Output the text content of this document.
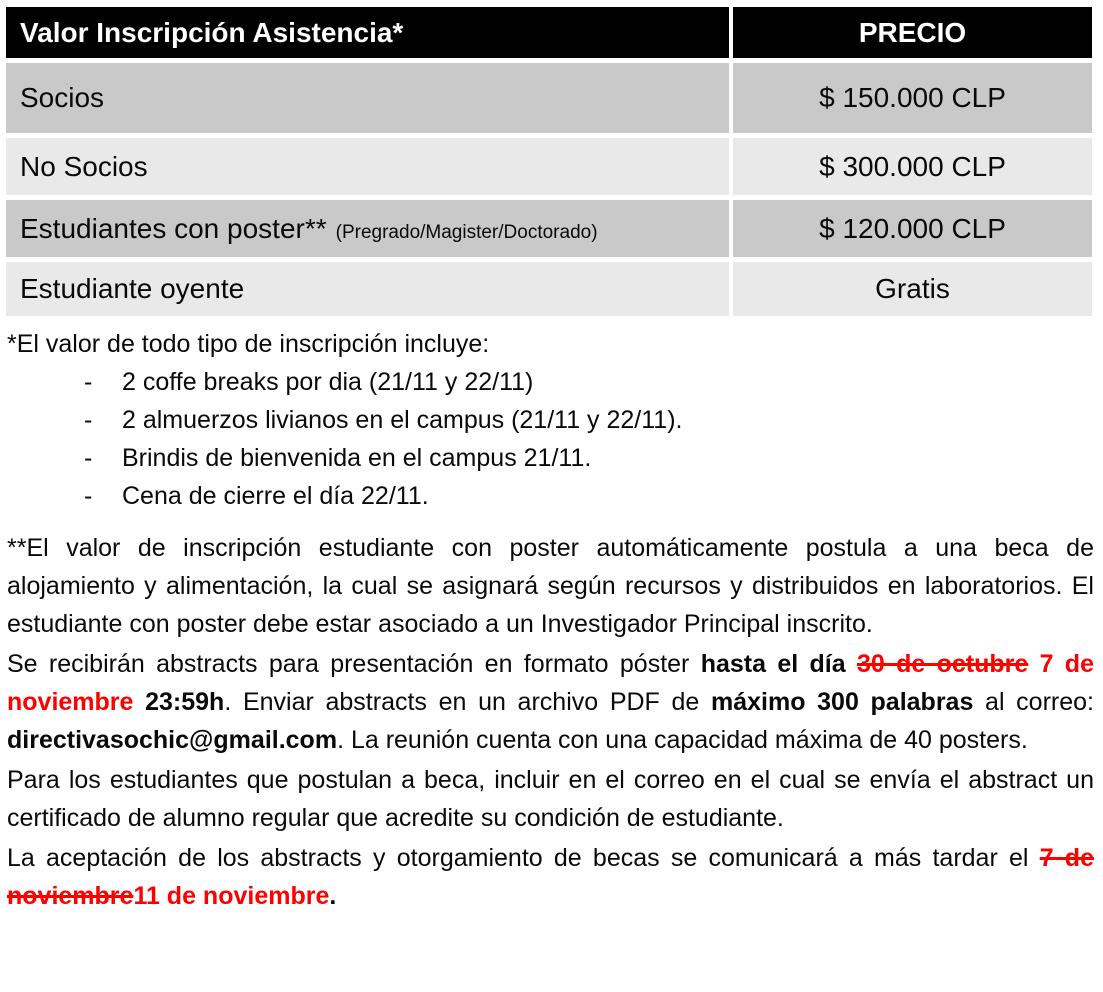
Valor Inscripción Asistencia*	PRECIO
Socios	$ 150.000 CLP
No Socios	$ 300.000 CLP
Estudiantes con poster** (Pregrado/Magister/Doctorado)	$ 120.000 CLP
Estudiante oyente	Gratis
*El valor de todo tipo de inscripción incluye:
- 2 coffe breaks por dia (21/11 y 22/11)
- 2 almuerzos livianos en el campus (21/11 y 22/11).
- Brindis de bienvenida en el campus 21/11.
- Cena de cierre el día 22/11.

**El valor de inscripción estudiante con poster automáticamente postula a una beca de alojamiento y alimentación, la cual se asignará según recursos y distribuidos en laboratorios. El estudiante con poster debe estar asociado a un Investigador Principal inscrito.

Se recibirán abstracts para presentación en formato póster hasta el día 30 de octubre 7 de noviembre 23:59h. Enviar abstracts en un archivo PDF de máximo 300 palabras al correo: directivasochic@gmail.com. La reunión cuenta con una capacidad máxima de 40 posters.

Para los estudiantes que postulan a beca, incluir en el correo en el cual se envía el abstract un certificado de alumno regular que acredite su condición de estudiante.

La aceptación de los abstracts y otorgamiento de becas se comunicará a más tardar el 7 de noviembre11 de noviembre.
